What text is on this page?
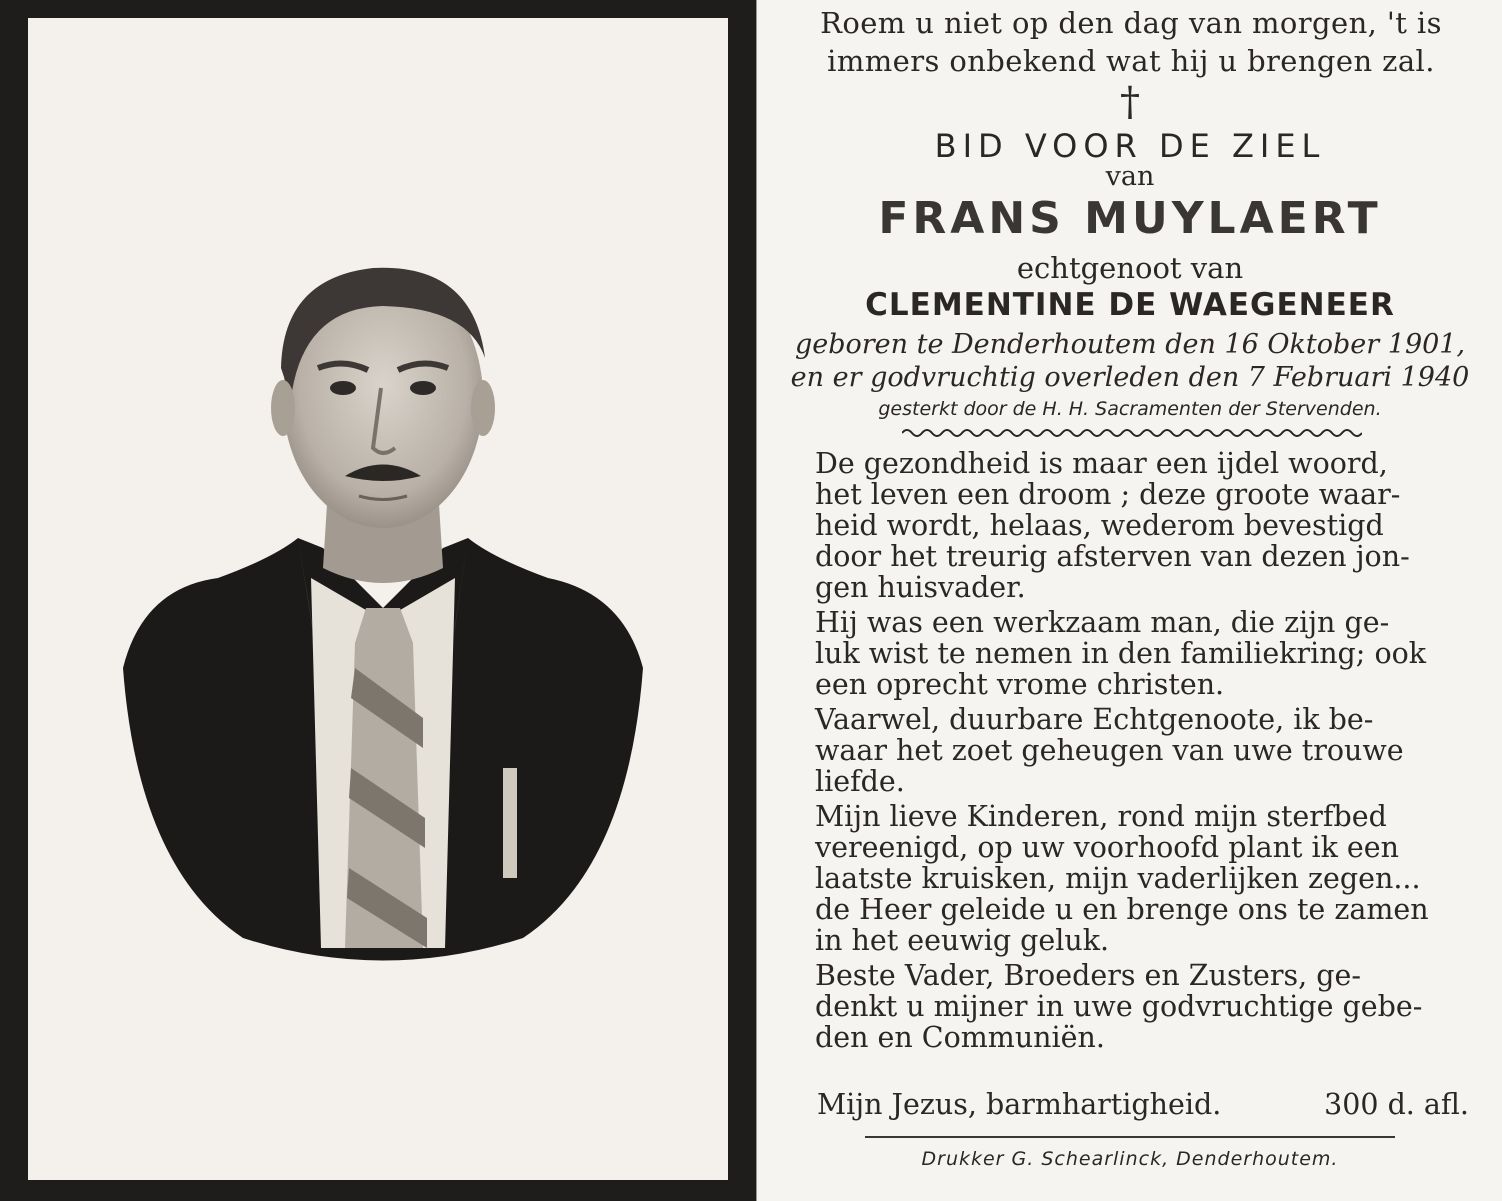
Roem u niet op den dag van morgen, 't is
immers onbekend wat hij u brengen zal.
†
BID VOOR DE ZIEL
van
FRANS MUYLAERT
echtgenoot van
CLEMENTINE DE WAEGENEER
geboren te Denderhoutem den 16 Oktober 1901,
en er godvruchtig overleden den 7 Februari 1940
gesterkt door de H. H. Sacramenten der Stervenden.
De gezondheid is maar een ijdel woord,
het leven een droom ; deze groote waar-
heid wordt, helaas, wederom bevestigd
door het treurig afsterven van dezen jon-
gen huisvader.
Hij was een werkzaam man, die zijn ge-
luk wist te nemen in den familiekring; ook
een oprecht vrome christen.
Vaarwel, duurbare Echtgenoote, ik be-
waar het zoet geheugen van uwe trouwe
liefde.
Mijn lieve Kinderen, rond mijn sterfbed
vereenigd, op uw voorhoofd plant ik een
laatste kruisken, mijn vaderlijken zegen...
de Heer geleide u en brenge ons te zamen
in het eeuwig geluk.
Beste Vader, Broeders en Zusters, ge-
denkt u mijner in uwe godvruchtige gebe-
den en Communiën.
Mijn Jezus, barmhartigheid.	300 d. afl.
Drukker G. Schearlinck, Denderhoutem.
